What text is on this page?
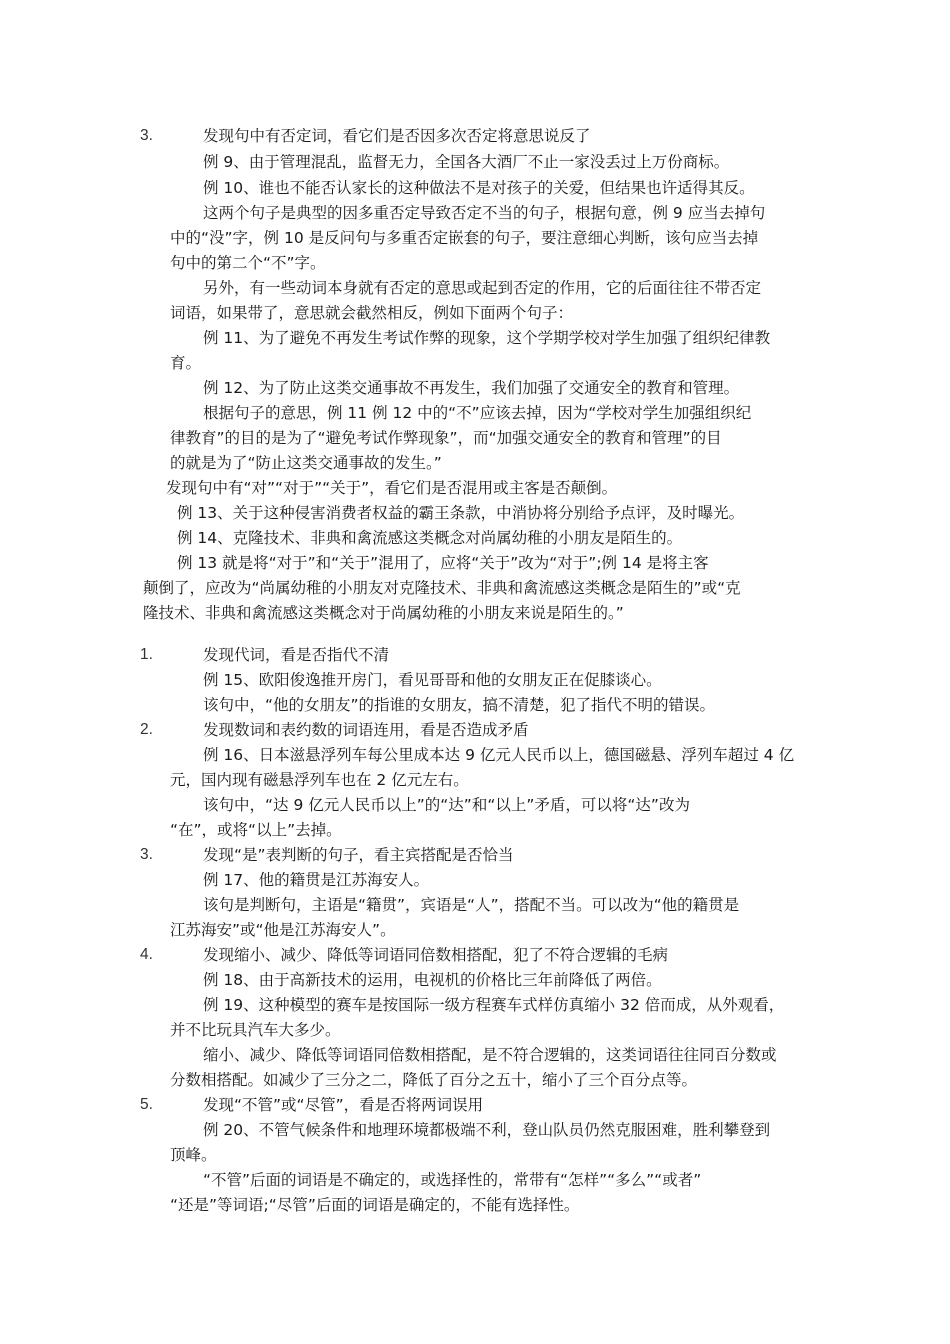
3.	发现句中有否定词，看它们是否因多次否定将意思说反了
例 9、由于管理混乱，监督无力，全国各大酒厂不止一家没丢过上万份商标。
例 10、谁也不能否认家长的这种做法不是对孩子的关爱，但结果也许适得其反。
这两个句子是典型的因多重否定导致否定不当的句子，根据句意，例 9 应当去掉句
中的“没”字，例 10 是反问句与多重否定嵌套的句子，要注意细心判断，该句应当去掉
句中的第二个“不”字。
另外，有一些动词本身就有否定的意思或起到否定的作用，它的后面往往不带否定
词语，如果带了，意思就会截然相反，例如下面两个句子：
例 11、为了避免不再发生考试作弊的现象，这个学期学校对学生加强了组织纪律教
育。
例 12、为了防止这类交通事故不再发生，我们加强了交通安全的教育和管理。
根据句子的意思，例 11 例 12 中的“不”应该去掉，因为“学校对学生加强组织纪
律教育”的目的是为了“避免考试作弊现象”，而“加强交通安全的教育和管理”的目
的就是为了“防止这类交通事故的发生。”
发现句中有“对”“对于”“关于”，看它们是否混用或主客是否颠倒。
例 13、关于这种侵害消费者权益的霸王条款，中消协将分别给予点评，及时曝光。
例 14、克隆技术、非典和禽流感这类概念对尚属幼稚的小朋友是陌生的。
例 13 就是将“对于”和“关于”混用了，应将“关于”改为“对于”;例 14 是将主客
颠倒了，应改为“尚属幼稚的小朋友对克隆技术、非典和禽流感这类概念是陌生的”或“克
隆技术、非典和禽流感这类概念对于尚属幼稚的小朋友来说是陌生的。”
1.	发现代词，看是否指代不清
例 15、欧阳俊逸推开房门，看见哥哥和他的女朋友正在促膝谈心。
该句中，“他的女朋友”的指谁的女朋友，搞不清楚，犯了指代不明的错误。
2.	发现数词和表约数的词语连用，看是否造成矛盾
例 16、日本滋悬浮列车每公里成本达 9 亿元人民币以上，德国磁悬、浮列车超过 4 亿
元，国内现有磁悬浮列车也在 2 亿元左右。
该句中，“达 9 亿元人民币以上”的“达”和“以上”矛盾，可以将“达”改为
“在”，或将“以上”去掉。
3.	发现“是”表判断的句子，看主宾搭配是否恰当
例 17、他的籍贯是江苏海安人。
该句是判断句，主语是“籍贯”，宾语是“人”，搭配不当。可以改为“他的籍贯是
江苏海安”或“他是江苏海安人”。
4.	发现缩小、减少、降低等词语同倍数相搭配，犯了不符合逻辑的毛病
例 18、由于高新技术的运用，电视机的价格比三年前降低了两倍。
例 19、这种模型的赛车是按国际一级方程赛车式样仿真缩小 32 倍而成，从外观看，
并不比玩具汽车大多少。
缩小、减少、降低等词语同倍数相搭配，是不符合逻辑的，这类词语往往同百分数或
分数相搭配。如减少了三分之二，降低了百分之五十，缩小了三个百分点等。
5.	发现“不管”或“尽管”，看是否将两词误用
例 20、不管气候条件和地理环境都极端不利，登山队员仍然克服困难，胜利攀登到
顶峰。
“不管”后面的词语是不确定的，或选择性的，常带有“怎样”“多么”“或者”
“还是”等词语;“尽管”后面的词语是确定的，不能有选择性。
